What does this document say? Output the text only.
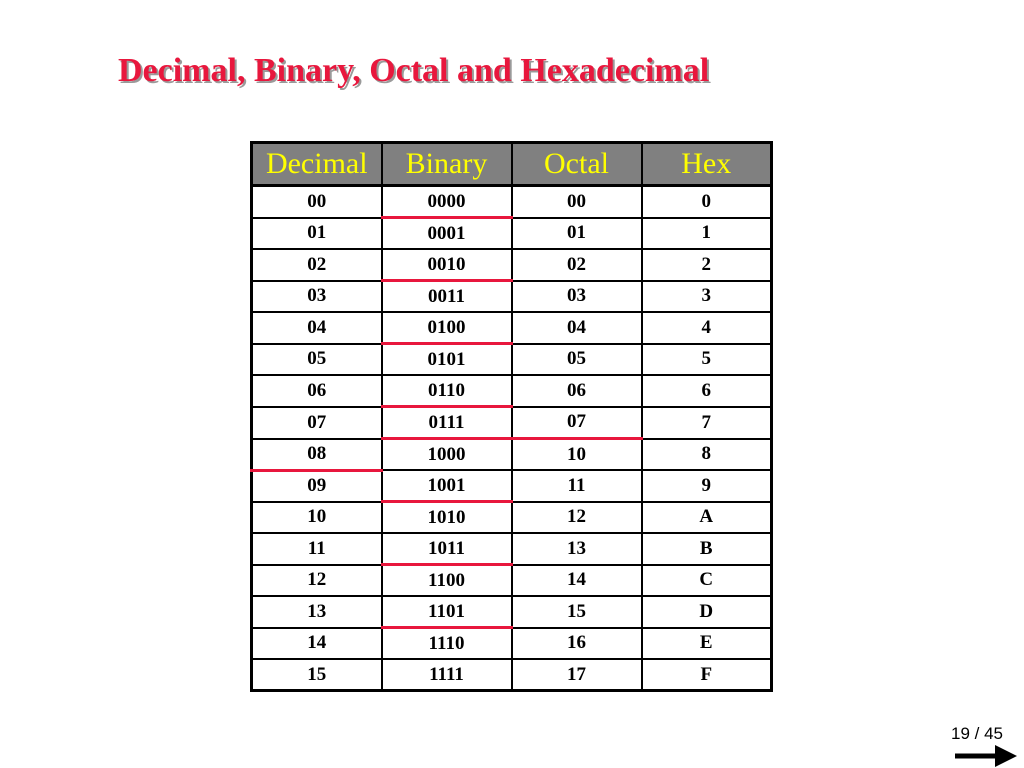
Decimal, Binary, Octal and Hexadecimal
Decimal	Binary	Octal	Hex
00	0000	00	0
01	0001	01	1
02	0010	02	2
03	0011	03	3
04	0100	04	4
05	0101	05	5
06	0110	06	6
07	0111	07	7
08	1000	10	8
09	1001	11	9
10	1010	12	A
11	1011	13	B
12	1100	14	C
13	1101	15	D
14	1110	16	E
15	1111	17	F
19 / 45
